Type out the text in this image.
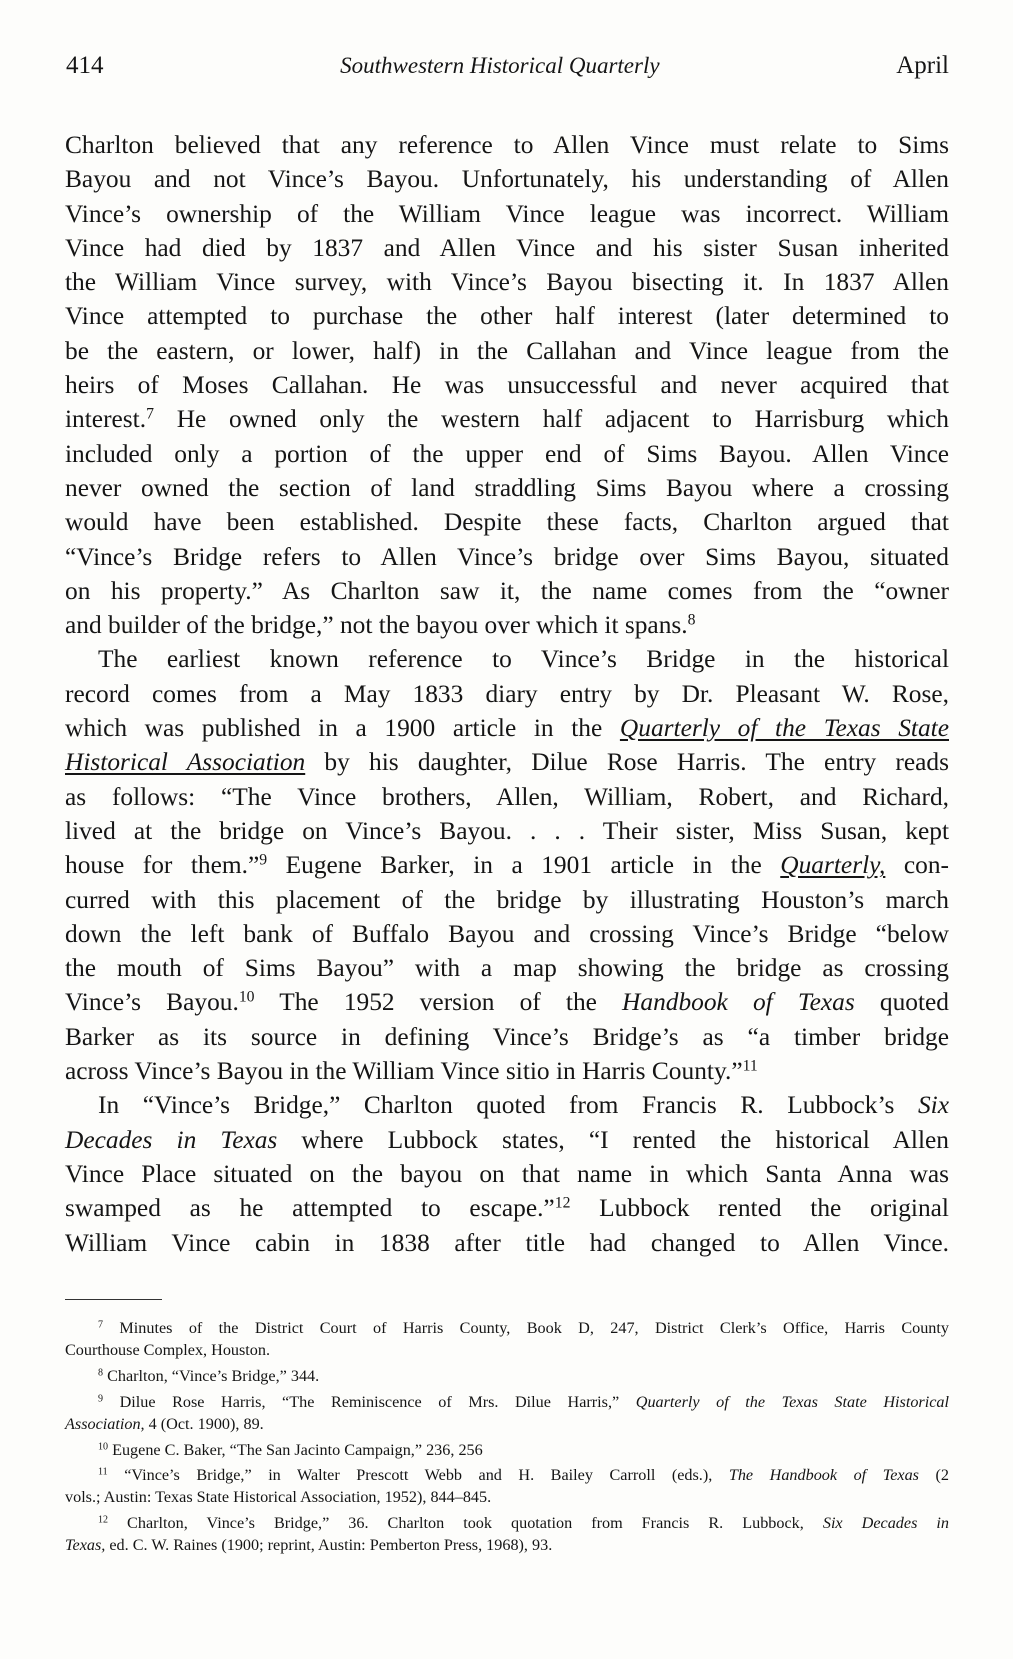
414	Southwestern Historical Quarterly	April
Charlton believed that any reference to Allen Vince must relate to Sims
Bayou and not Vince’s Bayou. Unfortunately, his understanding of Allen
Vince’s ownership of the William Vince league was incorrect. William
Vince had died by 1837 and Allen Vince and his sister Susan inherited
the William Vince survey, with Vince’s Bayou bisecting it. In 1837 Allen
Vince attempted to purchase the other half interest (later determined to
be the eastern, or lower, half) in the Callahan and Vince league from the
heirs of Moses Callahan. He was unsuccessful and never acquired that
interest.$^7$ He owned only the western half adjacent to Harrisburg which
included only a portion of the upper end of Sims Bayou. Allen Vince
never owned the section of land straddling Sims Bayou where a crossing
would have been established. Despite these facts, Charlton argued that
“Vince’s Bridge refers to Allen Vince’s bridge over Sims Bayou, situated
on his property.” As Charlton saw it, the name comes from the “owner
and builder of the bridge,” not the bayou over which it spans.$^8$
The earliest known reference to Vince’s Bridge in the historical
record comes from a May 1833 diary entry by Dr. Pleasant W. Rose,
which was published in a 1900 article in the Quarterly of the Texas State
Historical Association by his daughter, Dilue Rose Harris. The entry reads
as follows: “The Vince brothers, Allen, William, Robert, and Richard,
lived at the bridge on Vince’s Bayou. . . . Their sister, Miss Susan, kept
house for them.”$^9$ Eugene Barker, in a 1901 article in the Quarterly, con-
curred with this placement of the bridge by illustrating Houston’s march
down the left bank of Buffalo Bayou and crossing Vince’s Bridge “below
the mouth of Sims Bayou” with a map showing the bridge as crossing
Vince’s Bayou.$^{10}$ The 1952 version of the Handbook of Texas quoted
Barker as its source in defining Vince’s Bridge’s as “a timber bridge
across Vince’s Bayou in the William Vince sitio in Harris County.”$^{11}$
In “Vince’s Bridge,” Charlton quoted from Francis R. Lubbock’s Six
Decades in Texas where Lubbock states, “I rented the historical Allen
Vince Place situated on the bayou on that name in which Santa Anna was
swamped as he attempted to escape.”$^{12}$ Lubbock rented the original
William Vince cabin in 1838 after title had changed to Allen Vince.
$^7$ Minutes of the District Court of Harris County, Book D, 247, District Clerk’s Office, Harris County
Courthouse Complex, Houston.
$^8$ Charlton, “Vince’s Bridge,” 344.
$^9$ Dilue Rose Harris, “The Reminiscence of Mrs. Dilue Harris,” Quarterly of the Texas State Historical
Association, 4 (Oct. 1900), 89.
$^{10}$ Eugene C. Baker, “The San Jacinto Campaign,” 236, 256
$^{11}$ “Vince’s Bridge,” in Walter Prescott Webb and H. Bailey Carroll (eds.), The Handbook of Texas (2
vols.; Austin: Texas State Historical Association, 1952), 844–845.
$^{12}$ Charlton, Vince’s Bridge,” 36. Charlton took quotation from Francis R. Lubbock, Six Decades in
Texas, ed. C. W. Raines (1900; reprint, Austin: Pemberton Press, 1968), 93.
